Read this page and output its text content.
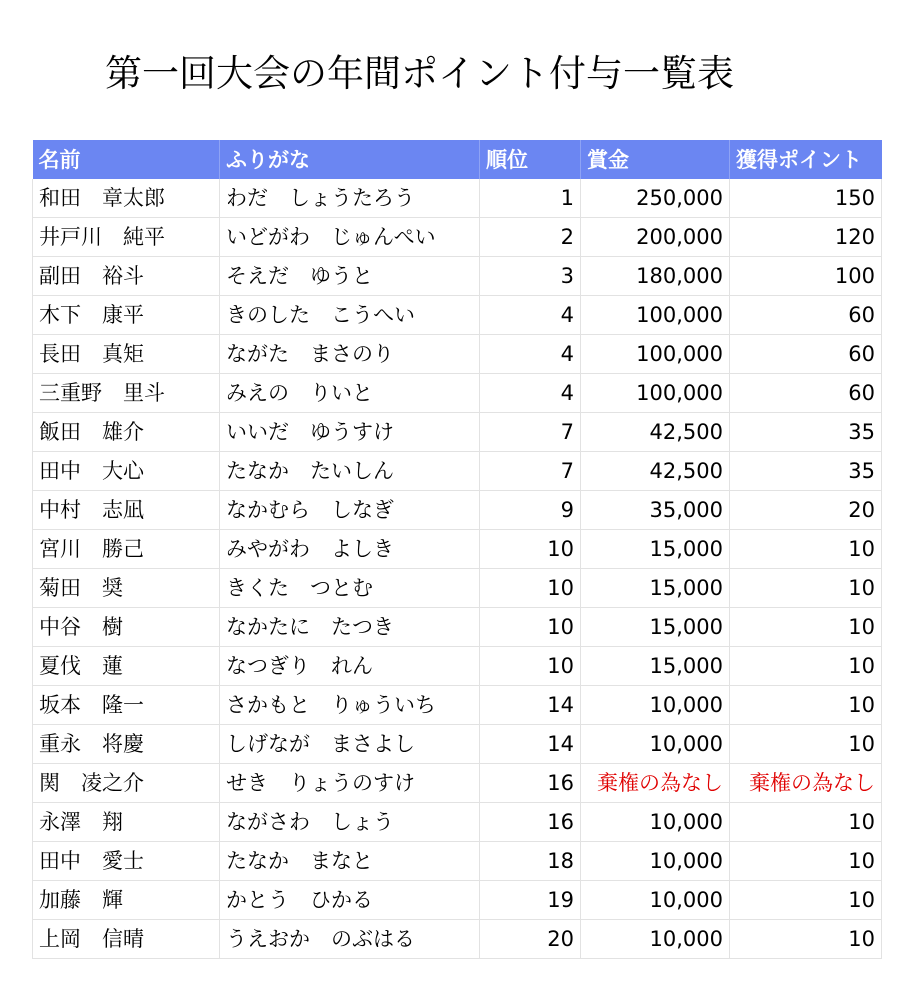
第一回大会の年間ポイント付与一覧表
名前	ふりがな	順位	賞金	獲得ポイント
和田　章太郎	わだ　しょうたろう	1	250,000	150
井戸川　純平	いどがわ　じゅんぺい	2	200,000	120
副田　裕斗	そえだ　ゆうと	3	180,000	100
木下　康平	きのした　こうへい	4	100,000	60
長田　真矩	ながた　まさのり	4	100,000	60
三重野　里斗	みえの　りいと	4	100,000	60
飯田　雄介	いいだ　ゆうすけ	7	42,500	35
田中　大心	たなか　たいしん	7	42,500	35
中村　志凪	なかむら　しなぎ	9	35,000	20
宮川　勝己	みやがわ　よしき	10	15,000	10
菊田　奨	きくた　つとむ	10	15,000	10
中谷　樹	なかたに　たつき	10	15,000	10
夏伐　蓮	なつぎり　れん	10	15,000	10
坂本　隆一	さかもと　りゅういち	14	10,000	10
重永　将慶	しげなが　まさよし	14	10,000	10
関　凌之介	せき　りょうのすけ	16	棄権の為なし	棄権の為なし
永澤　翔	ながさわ　しょう	16	10,000	10
田中　愛士	たなか　まなと	18	10,000	10
加藤　輝	かとう　ひかる	19	10,000	10
上岡　信晴	うえおか　のぶはる	20	10,000	10
